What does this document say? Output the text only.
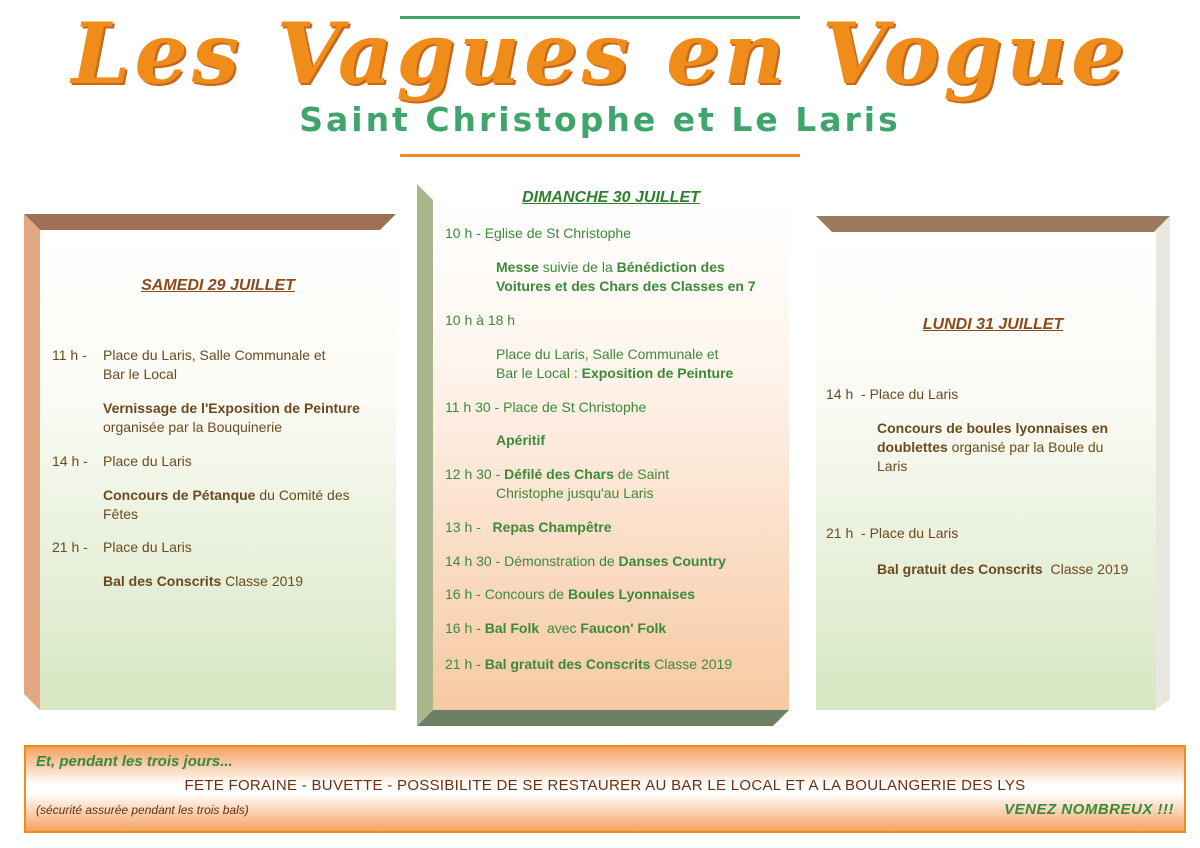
Les Vagues en Vogue
Saint Christophe et Le Laris
SAMEDI 29 JUILLET
11 h - Place du Laris, Salle Communale et
Bar le Local
Vernissage de l'Exposition de Peinture
organisée par la Bouquinerie
14 h - Place du Laris
Concours de Pétanque du Comité des
Fêtes
21 h - Place du Laris
Bal des Conscrits Classe 2019
DIMANCHE 30 JUILLET
10 h - Eglise de St Christophe
Messe suivie de la Bénédiction des
Voitures et des Chars des Classes en 7
10 h à 18 h
Place du Laris, Salle Communale et
Bar le Local : Exposition de Peinture
11 h 30 - Place de St Christophe
Apéritif
12 h 30 - Défilé des Chars de Saint
Christophe jusqu'au Laris
13 h -   Repas Champêtre
14 h 30 - Démonstration de Danses Country
16 h - Concours de Boules Lyonnaises
16 h - Bal Folk  avec Faucon' Folk
21 h - Bal gratuit des Conscrits Classe 2019
LUNDI 31 JUILLET
14 h  - Place du Laris
Concours de boules lyonnaises en
doublettes organisé par la Boule du
Laris
21 h  - Place du Laris
Bal gratuit des Conscrits  Classe 2019
Et, pendant les trois jours...
FETE FORAINE - BUVETTE - POSSIBILITE DE SE RESTAURER AU BAR LE LOCAL ET A LA BOULANGERIE DES LYS
(sécurité assurée pendant les trois bals)	VENEZ NOMBREUX !!!
